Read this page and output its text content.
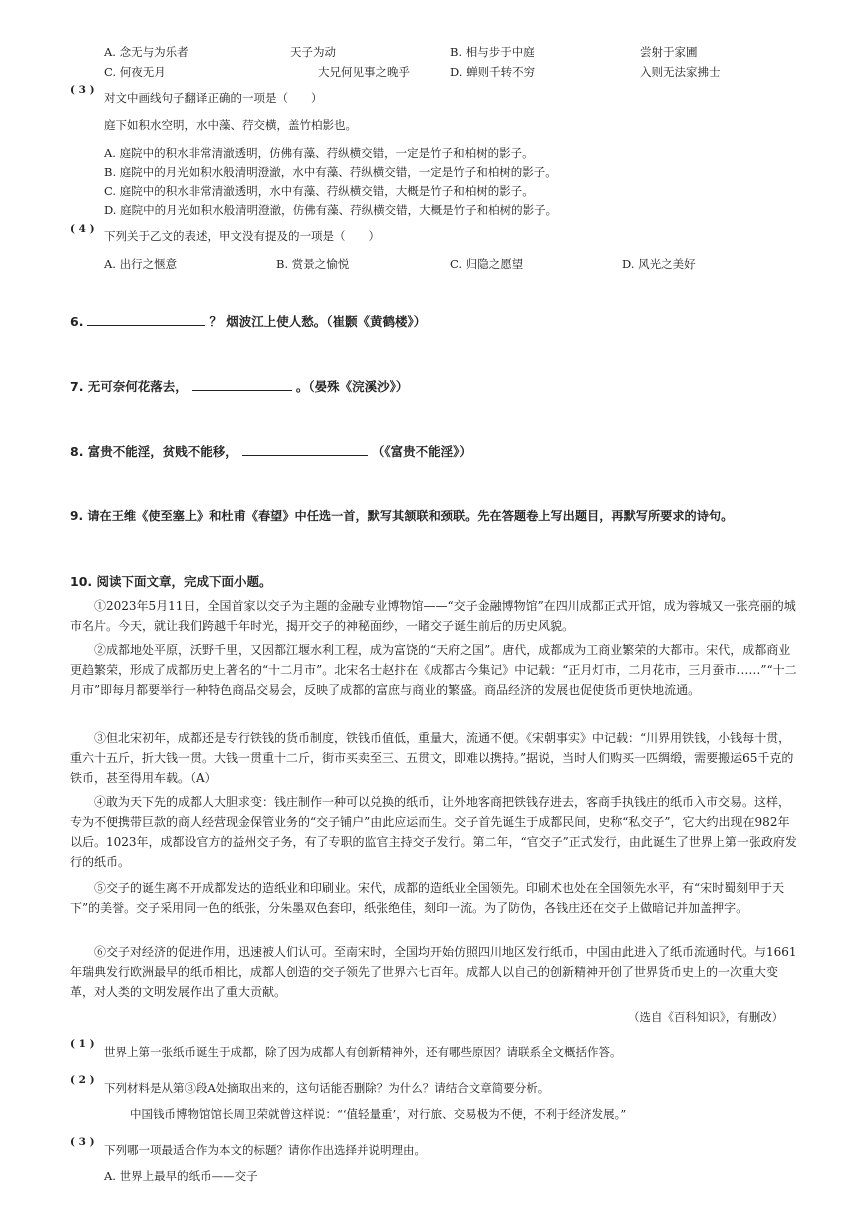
A. 念无与为乐者	天子为动	B. 相与步于中庭	尝射于家圃
C. 何夜无月	大兄何见事之晚乎	D. 蝉则千转不穷	入则无法家拂士
( 3 )
对文中画线句子翻译正确的一项是（　　）
庭下如积水空明，水中藻、荇交横，盖竹柏影也。
A. 庭院中的积水非常清澈透明，仿佛有藻、荇纵横交错，一定是竹子和柏树的影子。
B. 庭院中的月光如积水般清明澄澈，水中有藻、荇纵横交错，一定是竹子和柏树的影子。
C. 庭院中的积水非常清澈透明，水中有藻、荇纵横交错，大概是竹子和柏树的影子。
D. 庭院中的月光如积水般清明澄澈，仿佛有藻、荇纵横交错，大概是竹子和柏树的影子。
( 4 ) 下列关于乙文的表述，甲文没有提及的一项是（　　）
A. 出行之惬意	B. 赏景之愉悦	C. 归隐之愿望	D. 风光之美好
6.	？ 烟波江上使人愁。（崔颢《黄鹤楼》）
7. 无可奈何花落去，	。（晏殊《浣溪沙》）
8. 富贵不能淫，贫贱不能移，	（《富贵不能淫》）
9. 请在王维《使至塞上》和杜甫《春望》中任选一首，默写其颔联和颈联。先在答题卷上写出题目，再默写所要求的诗句。
10. 阅读下面文章，完成下面小题。
①2023年5月11日，全国首家以交子为主题的金融专业博物馆——“交子金融博物馆”在四川成都正式开馆，成为蓉城又一张亮丽的城市名片。今天，就让我们跨越千年时光，揭开交子的神秘面纱，一睹交子诞生前后的历史风貌。
②成都地处平原，沃野千里，又因都江堰水利工程，成为富饶的“天府之国”。唐代，成都成为工商业繁荣的大都市。宋代，成都商业更趋繁荣，形成了成都历史上著名的“十二月市”。北宋名士赵抃在《成都古今集记》中记载：“正月灯市，二月花市，三月蚕市……”“十二月市”即每月都要举行一种特色商品交易会，反映了成都的富庶与商业的繁盛。商品经济的发展也促使货币更快地流通。
③但北宋初年，成都还是专行铁钱的货币制度，铁钱币值低，重量大，流通不便。《宋朝事实》中记载：“川界用铁钱，小钱每十贯，重六十五斤，折大钱一贯。大钱一贯重十二斤，街市买卖至三、五贯文，即难以携持。”据说，当时人们购买一匹绸缎，需要搬运65千克的铁币，甚至得用车载。（A）
④敢为天下先的成都人大胆求变：钱庄制作一种可以兑换的纸币，让外地客商把铁钱存进去，客商手执钱庄的纸币入市交易。这样，专为不便携带巨款的商人经营现金保管业务的“交子铺户”由此应运而生。交子首先诞生于成都民间，史称“私交子”，它大约出现在982年以后。1023年，成都设官方的益州交子务，有了专职的监官主持交子发行。第二年，“官交子”正式发行，由此诞生了世界上第一张政府发行的纸币。
⑤交子的诞生离不开成都发达的造纸业和印刷业。宋代，成都的造纸业全国领先。印刷术也处在全国领先水平，有“宋时蜀刻甲于天下”的美誉。交子采用同一色的纸张，分朱墨双色套印，纸张绝佳，刻印一流。为了防伪，各钱庄还在交子上做暗记并加盖押字。
⑥交子对经济的促进作用，迅速被人们认可。至南宋时，全国均开始仿照四川地区发行纸币，中国由此进入了纸币流通时代。与1661年瑞典发行欧洲最早的纸币相比，成都人创造的交子领先了世界六七百年。成都人以自己的创新精神开创了世界货币史上的一次重大变革，对人类的文明发展作出了重大贡献。
（选自《百科知识》，有删改）
( 1 )
世界上第一张纸币诞生于成都，除了因为成都人有创新精神外，还有哪些原因？请联系全文概括作答。
( 2 )
下列材料是从第③段A处摘取出来的，这句话能否删除？为什么？请结合文章简要分析。
中国钱币博物馆馆长周卫荣就曾这样说：“‘值轻量重’，对行旅、交易极为不便，不利于经济发展。”
( 3 )
下列哪一项最适合作为本文的标题？请你作出选择并说明理由。
A. 世界上最早的纸币——交子
